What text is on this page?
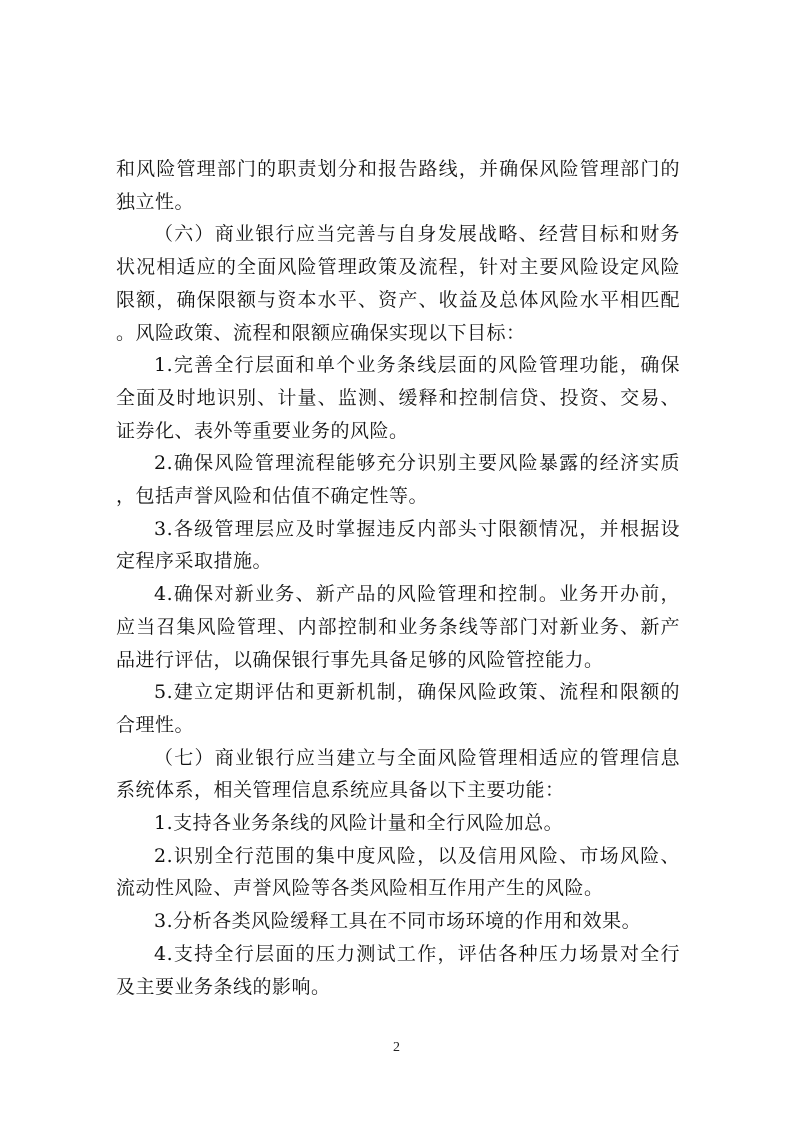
和风险管理部门的职责划分和报告路线，并确保风险管理部门的独立性。

（六）商业银行应当完善与自身发展战略、经营目标和财务状况相适应的全面风险管理政策及流程，针对主要风险设定风险限额，确保限额与资本水平、资产、收益及总体风险水平相匹配。风险政策、流程和限额应确保实现以下目标：

1.完善全行层面和单个业务条线层面的风险管理功能，确保全面及时地识别、计量、监测、缓释和控制信贷、投资、交易、证券化、表外等重要业务的风险。

2.确保风险管理流程能够充分识别主要风险暴露的经济实质，包括声誉风险和估值不确定性等。

3.各级管理层应及时掌握违反内部头寸限额情况，并根据设定程序采取措施。

4.确保对新业务、新产品的风险管理和控制。业务开办前，应当召集风险管理、内部控制和业务条线等部门对新业务、新产品进行评估，以确保银行事先具备足够的风险管控能力。

5.建立定期评估和更新机制，确保风险政策、流程和限额的合理性。

（七）商业银行应当建立与全面风险管理相适应的管理信息系统体系，相关管理信息系统应具备以下主要功能：

1.支持各业务条线的风险计量和全行风险加总。

2.识别全行范围的集中度风险，以及信用风险、市场风险、流动性风险、声誉风险等各类风险相互作用产生的风险。

3.分析各类风险缓释工具在不同市场环境的作用和效果。

4.支持全行层面的压力测试工作，评估各种压力场景对全行及主要业务条线的影响。

2
